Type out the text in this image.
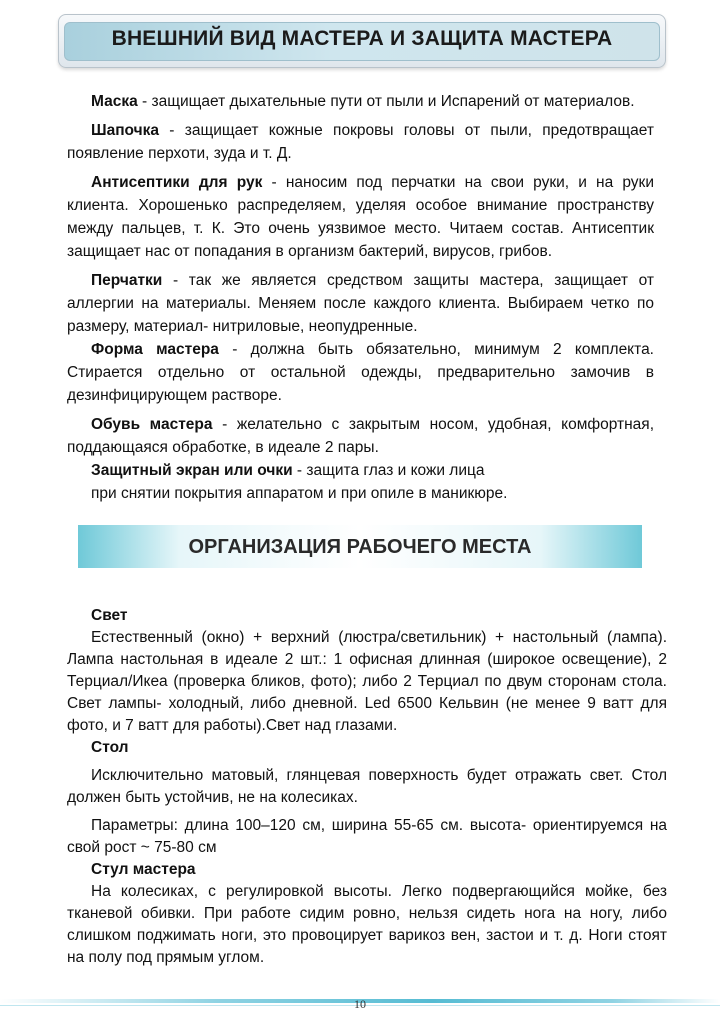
ВНЕШНИЙ ВИД МАСТЕРА И ЗАЩИТА МАСТЕРА
Маска - защищает дыхательные пути от пыли и Испарений от материалов.
Шапочка - защищает кожные покровы головы от пыли, предотвращает появление перхоти, зуда и т. Д.
Антисептики для рук - наносим под перчатки на свои руки, и на руки клиента. Хорошенько распределяем, уделяя особое внимание пространству между пальцев, т. К. Это очень уязвимое место. Читаем состав. Антисептик защищает нас от попадания в организм бактерий, вирусов, грибов.
Перчатки - так же является средством защиты мастера, защищает от аллергии на материалы. Меняем после каждого клиента. Выбираем четко по размеру, материал- нитриловые, неопудренные.
Форма мастера - должна быть обязательно, минимум 2 комплекта. Стирается отдельно от остальной одежды, предварительно замочив в дезинфицирующем растворе.
Обувь мастера - желательно с закрытым носом, удобная, комфортная, поддающаяся обработке, в идеале 2 пары.
Защитный экран или очки - защита глаз и кожи лица
при снятии покрытия аппаратом и при опиле в маникюре.
ОРГАНИЗАЦИЯ РАБОЧЕГО МЕСТА
Свет
Естественный (окно) + верхний (люстра/светильник) + настольный (лампа). Лампа настольная в идеале 2 шт.: 1 офисная длинная (широкое освещение), 2 Терциал/Икеа (проверка бликов, фото); либо 2 Терциал по двум сторонам стола. Свет лампы- холодный, либо дневной. Led 6500 Кельвин (не менее 9 ватт для фото, и 7 ватт для работы).Свет над глазами.
Стол
Исключительно матовый, глянцевая поверхность будет отражать свет. Стол должен быть устойчив, не на колесиках.
Параметры: длина 100–120 см, ширина 55-65 см. высота- ориентируемся на свой рост ~ 75-80 см
Стул мастера
На колесиках, с регулировкой высоты. Легко подвергающийся мойке, без тканевой обивки. При работе сидим ровно, нельзя сидеть нога на ногу, либо слишком поджимать ноги, это провоцирует варикоз вен, застои и т. д. Ноги стоят на полу под прямым углом.
10
